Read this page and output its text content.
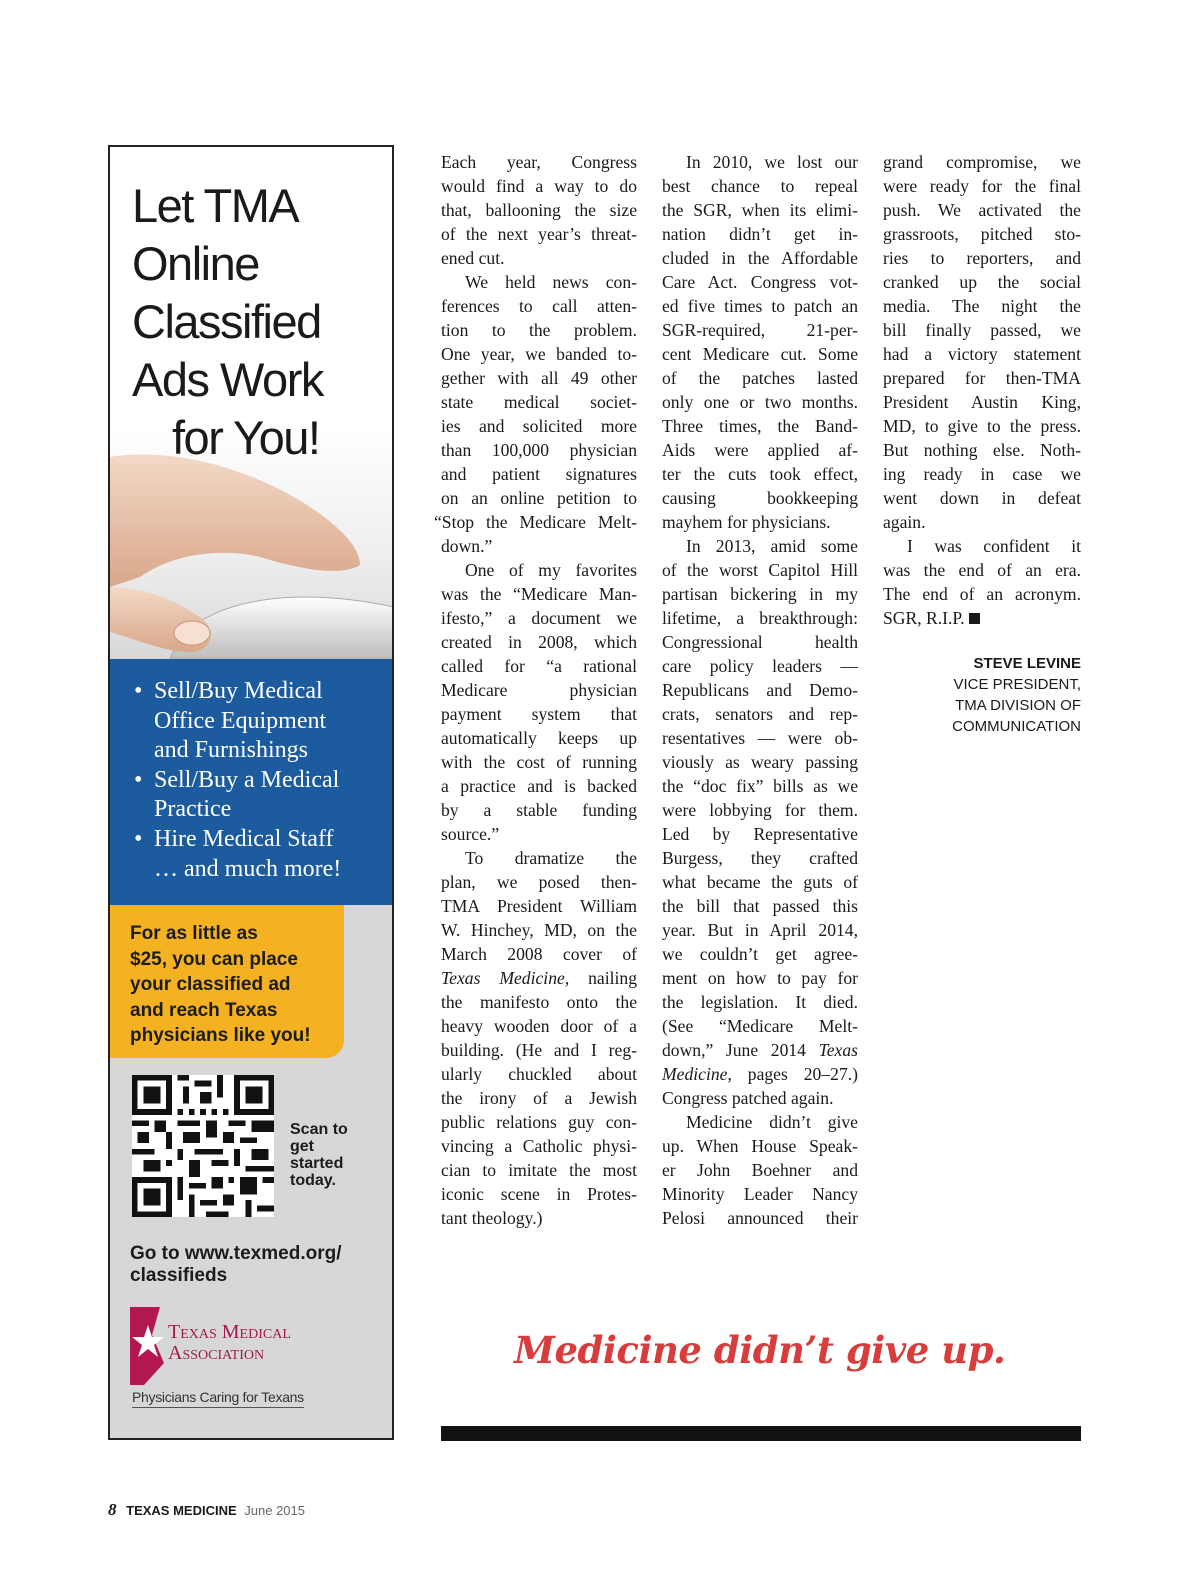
Let TMA
Online
Classified
Ads Work
for You!
• Sell/Buy Medical
Office Equipment
and Furnishings
• Sell/Buy a Medical
Practice
• Hire Medical Staff
… and much more!

For as little as
$25, you can place
your classified ad
and reach Texas
physicians like you!

Scan to
get
started
today.
Go to www.texmed.org/
classifieds
Texas Medical
Association
Physicians Caring for Texans
Each year, Congress
would find a way to do
that, ballooning the size
of the next year’s threat-
ened cut.
We held news con-
ferences to call atten-
tion to the problem.
One year, we banded to-
gether with all 49 other
state medical societ-
ies and solicited more
than 100,000 physician
and patient signatures
on an online petition to
“Stop the Medicare Melt-
down.”
One of my favorites
was the “Medicare Man-
ifesto,” a document we
created in 2008, which
called for “a rational
Medicare physician
payment system that
automatically keeps up
with the cost of running
a practice and is backed
by a stable funding
source.”
To dramatize the
plan, we posed then-
TMA President William
W. Hinchey, MD, on the
March 2008 cover of
Texas Medicine, nailing
the manifesto onto the
heavy wooden door of a
building. (He and I reg-
ularly chuckled about
the irony of a Jewish
public relations guy con-
vincing a Catholic physi-
cian to imitate the most
iconic scene in Protes-
tant theology.)
In 2010, we lost our
best chance to repeal
the SGR, when its elimi-
nation didn’t get in-
cluded in the Affordable
Care Act. Congress vot-
ed five times to patch an
SGR-required, 21-per-
cent Medicare cut. Some
of the patches lasted
only one or two months.
Three times, the Band-
Aids were applied af-
ter the cuts took effect,
causing bookkeeping
mayhem for physicians.
In 2013, amid some
of the worst Capitol Hill
partisan bickering in my
lifetime, a breakthrough:
Congressional health
care policy leaders —
Republicans and Demo-
crats, senators and rep-
resentatives — were ob-
viously as weary passing
the “doc fix” bills as we
were lobbying for them.
Led by Representative
Burgess, they crafted
what became the guts of
the bill that passed this
year. But in April 2014,
we couldn’t get agree-
ment on how to pay for
the legislation. It died.
(See “Medicare Melt-
down,” June 2014 Texas
Medicine, pages 20–27.)
Congress patched again.
Medicine didn’t give
up. When House Speak-
er John Boehner and
Minority Leader Nancy
Pelosi announced their
grand compromise, we
were ready for the final
push. We activated the
grassroots, pitched sto-
ries to reporters, and
cranked up the social
media. The night the
bill finally passed, we
had a victory statement
prepared for then-TMA
President Austin King,
MD, to give to the press.
But nothing else. Noth-
ing ready in case we
went down in defeat
again.
I was confident it
was the end of an era.
The end of an acronym.
SGR, R.I.P.
STEVE LEVINE
VICE PRESIDENT,
TMA DIVISION OF
COMMUNICATION
Medicine didn’t give up.
8 TEXAS MEDICINE June 2015
